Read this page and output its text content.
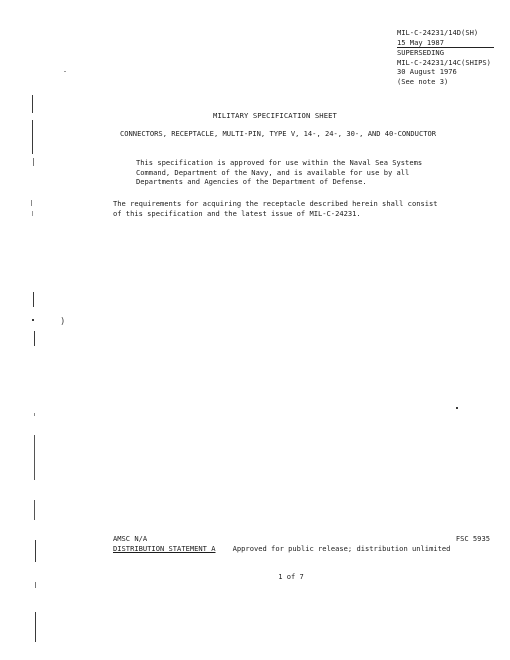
MIL-C-24231/14D(SH)
15 May 1987
SUPERSEDING
MIL-C-24231/14C(SHIPS)
30 August 1976
(See note 3)
MILITARY SPECIFICATION SHEET
CONNECTORS, RECEPTACLE, MULTI-PIN, TYPE V, 14-, 24-, 30-, AND 40-CONDUCTOR
This specification is approved for use within the Naval Sea Systems
Command, Department of the Navy, and is available for use by all
Departments and Agencies of the Department of Defense.
The requirements for acquiring the receptacle described herein shall consist
of this specification and the latest issue of MIL-C-24231.
AMSC N/A	FSC 5935
DISTRIBUTION STATEMENT A Approved for public release; distribution unlimited
1 of 7
)
